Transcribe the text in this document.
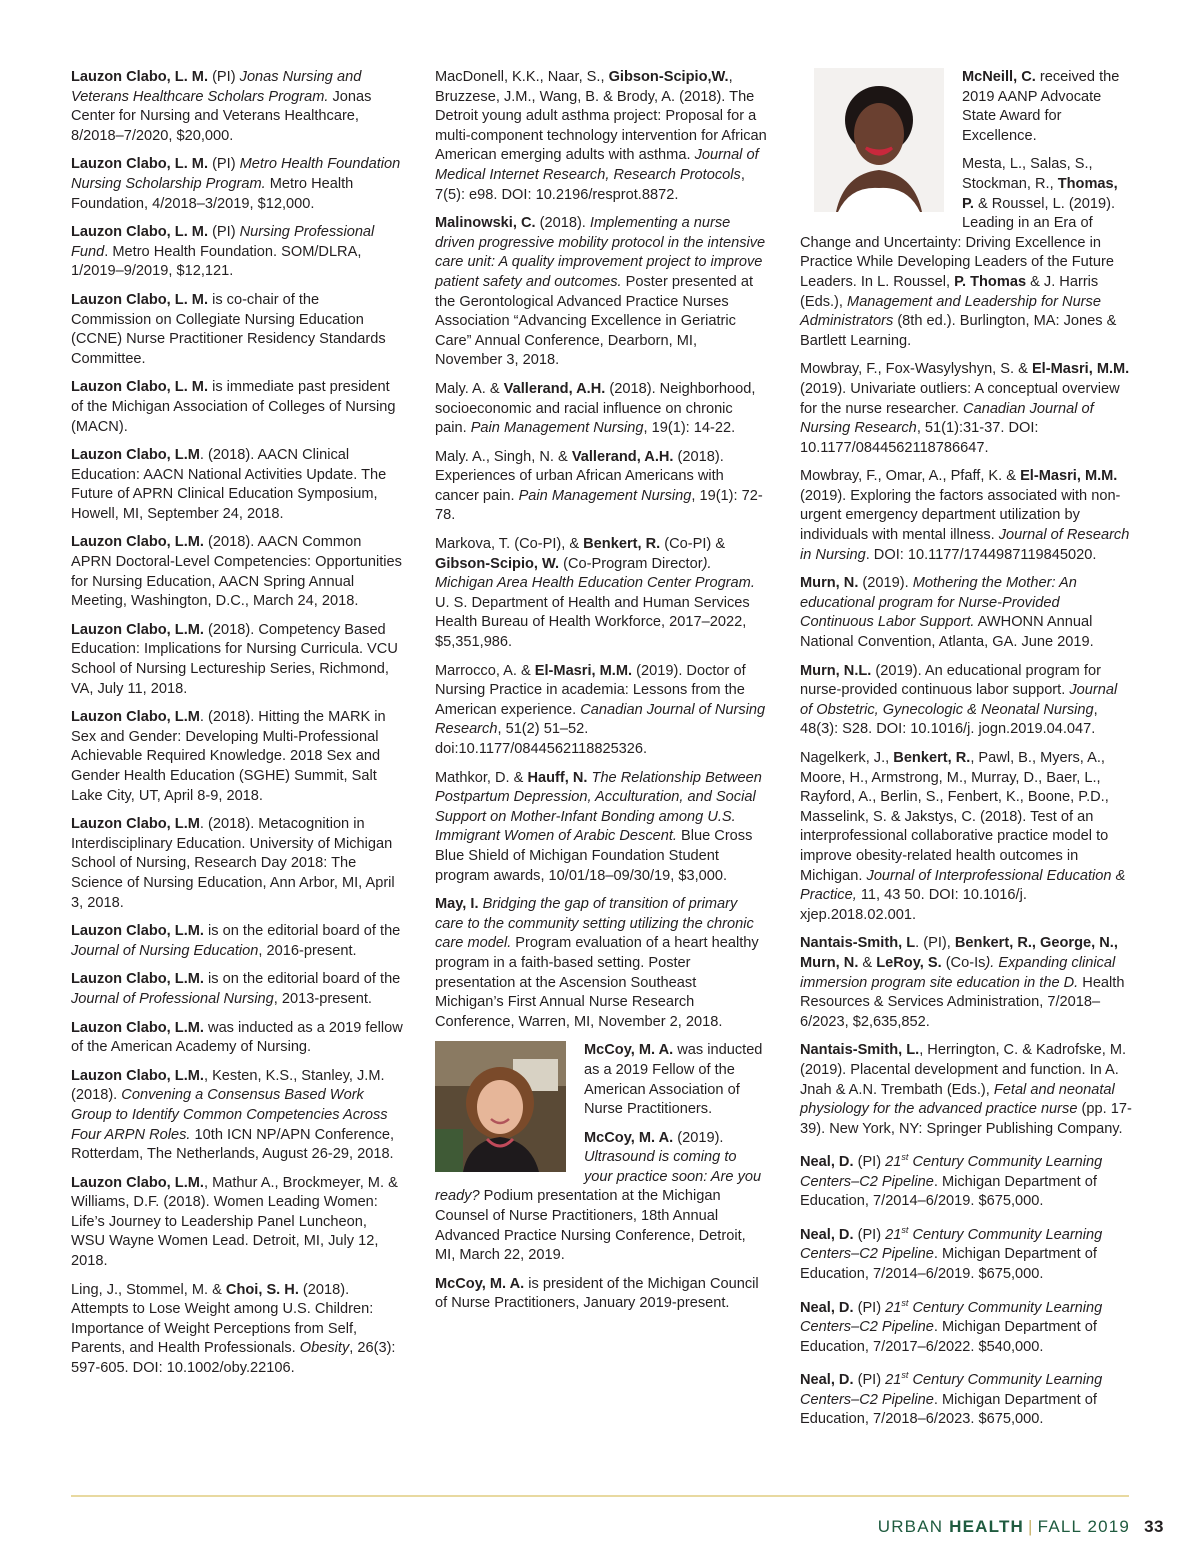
Lauzon Clabo, L. M. (PI) Jonas Nursing and Veterans Healthcare Scholars Program. Jonas Center for Nursing and Veterans Healthcare, 8/2018–7/2020, $20,000.

Lauzon Clabo, L. M. (PI) Metro Health Foundation Nursing Scholarship Program. Metro Health Foundation, 4/2018–3/2019, $12,000.

Lauzon Clabo, L. M. (PI) Nursing Professional Fund. Metro Health Foundation. SOM/DLRA, 1/2019–9/2019, $12,121.

Lauzon Clabo, L. M. is co-chair of the Commission on Collegiate Nursing Education (CCNE) Nurse Practitioner Residency Standards Committee.

Lauzon Clabo, L. M. is immediate past president of the Michigan Association of Colleges of Nursing (MACN).

Lauzon Clabo, L.M. (2018). AACN Clinical Education: AACN National Activities Update. The Future of APRN Clinical Education Symposium, Howell, MI, September 24, 2018.

Lauzon Clabo, L.M. (2018). AACN Common APRN Doctoral-Level Competencies: Opportunities for Nursing Education, AACN Spring Annual Meeting, Washington, D.C., March 24, 2018.

Lauzon Clabo, L.M. (2018). Competency Based Education: Implications for Nursing Curricula. VCU School of Nursing Lectureship Series, Richmond, VA, July 11, 2018.

Lauzon Clabo, L.M. (2018). Hitting the MARK in Sex and Gender: Developing Multi-Professional Achievable Required Knowledge. 2018 Sex and Gender Health Education (SGHE) Summit, Salt Lake City, UT, April 8-9, 2018.

Lauzon Clabo, L.M. (2018). Metacognition in Interdisciplinary Education. University of Michigan School of Nursing, Research Day 2018: The Science of Nursing Education, Ann Arbor, MI, April 3, 2018.

Lauzon Clabo, L.M. is on the editorial board of the Journal of Nursing Education, 2016-present.

Lauzon Clabo, L.M. is on the editorial board of the Journal of Professional Nursing, 2013-present.

Lauzon Clabo, L.M. was inducted as a 2019 fellow of the American Academy of Nursing.

Lauzon Clabo, L.M., Kesten, K.S., Stanley, J.M. (2018). Convening a Consensus Based Work Group to Identify Common Competencies Across Four ARPN Roles. 10th ICN NP/APN Conference, Rotterdam, The Netherlands, August 26-29, 2018.

Lauzon Clabo, L.M., Mathur A., Brockmeyer, M. & Williams, D.F. (2018). Women Leading Women: Life’s Journey to Leadership Panel Luncheon, WSU Wayne Women Lead. Detroit, MI, July 12, 2018.

Ling, J., Stommel, M. & Choi, S. H. (2018). Attempts to Lose Weight among U.S. Children: Importance of Weight Perceptions from Self, Parents, and Health Professionals. Obesity, 26(3): 597-605. DOI: 10.1002/oby.22106.

MacDonell, K.K., Naar, S., Gibson-Scipio,W., Bruzzese, J.M., Wang, B. & Brody, A. (2018). The Detroit young adult asthma project: Proposal for a multi-component technology intervention for African American emerging adults with asthma. Journal of Medical Internet Research, Research Protocols, 7(5): e98. DOI: 10.2196/resprot.8872.

Malinowski, C. (2018). Implementing a nurse driven progressive mobility protocol in the intensive care unit: A quality improvement project to improve patient safety and outcomes. Poster presented at the Gerontological Advanced Practice Nurses Association “Advancing Excellence in Geriatric Care” Annual Conference, Dearborn, MI, November 3, 2018.

Maly. A. & Vallerand, A.H. (2018). Neighborhood, socioeconomic and racial influence on chronic pain. Pain Management Nursing, 19(1): 14-22.

Maly. A., Singh, N. & Vallerand, A.H. (2018). Experiences of urban African Americans with cancer pain. Pain Management Nursing, 19(1): 72-78.

Markova, T. (Co-PI), & Benkert, R. (Co-PI) & Gibson-Scipio, W. (Co-Program Director). Michigan Area Health Education Center Program. U. S. Department of Health and Human Services Health Bureau of Health Workforce, 2017–2022, $5,351,986.

Marrocco, A. & El-Masri, M.M. (2019). Doctor of Nursing Practice in academia: Lessons from the American experience. Canadian Journal of Nursing Research, 51(2) 51–52. doi:10.1177/0844562118825326.

Mathkor, D. & Hauff, N. The Relationship Between Postpartum Depression, Acculturation, and Social Support on Mother-Infant Bonding among U.S. Immigrant Women of Arabic Descent. Blue Cross Blue Shield of Michigan Foundation Student program awards, 10/01/18–09/30/19, $3,000.

May, I. Bridging the gap of transition of primary care to the community setting utilizing the chronic care model. Program evaluation of a heart healthy program in a faith-based setting. Poster presentation at the Ascension Southeast Michigan’s First Annual Nurse Research Conference, Warren, MI, November 2, 2018.

McCoy, M. A. was inducted as a 2019 Fellow of the American Association of Nurse Practitioners.

McCoy, M. A. (2019). Ultrasound is coming to your practice soon: Are you ready? Podium presentation at the Michigan Counsel of Nurse Practitioners, 18th Annual Advanced Practice Nursing Conference, Detroit, MI, March 22, 2019.

McCoy, M. A. is president of the Michigan Council of Nurse Practitioners, January 2019-present.

McNeill, C. received the 2019 AANP Advocate State Award for Excellence.

Mesta, L., Salas, S., Stockman, R., Thomas, P. & Roussel, L. (2019). Leading in an Era of Change and Uncertainty: Driving Excellence in Practice While Developing Leaders of the Future Leaders. In L. Roussel, P. Thomas & J. Harris (Eds.), Management and Leadership for Nurse Administrators (8th ed.). Burlington, MA: Jones & Bartlett Learning.

Mowbray, F., Fox-Wasylyshyn, S. & El-Masri, M.M. (2019). Univariate outliers: A conceptual overview for the nurse researcher. Canadian Journal of Nursing Research, 51(1):31-37. DOI: 10.1177/0844562118786647.

Mowbray, F., Omar, A., Pfaff, K. & El-Masri, M.M. (2019). Exploring the factors associated with non-urgent emergency department utilization by individuals with mental illness. Journal of Research in Nursing. DOI: 10.1177/1744987119845020.

Murn, N. (2019). Mothering the Mother: An educational program for Nurse-Provided Continuous Labor Support. AWHONN Annual National Convention, Atlanta, GA. June 2019.

Murn, N.L. (2019). An educational program for nurse-provided continuous labor support. Journal of Obstetric, Gynecologic & Neonatal Nursing, 48(3): S28. DOI: 10.1016/j. jogn.2019.04.047.

Nagelkerk, J., Benkert, R., Pawl, B., Myers, A., Moore, H., Armstrong, M., Murray, D., Baer, L., Rayford, A., Berlin, S., Fenbert, K., Boone, P.D., Masselink, S. & Jakstys, C. (2018). Test of an interprofessional collaborative practice model to improve obesity-related health outcomes in Michigan. Journal of Interprofessional Education & Practice, 11, 43 50. DOI: 10.1016/j. xjep.2018.02.001.

Nantais-Smith, L. (PI), Benkert, R., George, N., Murn, N. & LeRoy, S. (Co-Is). Expanding clinical immersion program site education in the D. Health Resources & Services Administration, 7/2018–6/2023, $2,635,852.

Nantais-Smith, L., Herrington, C. & Kadrofske, M. (2019). Placental development and function. In A. Jnah & A.N. Trembath (Eds.), Fetal and neonatal physiology for the advanced practice nurse (pp. 17-39). New York, NY: Springer Publishing Company.

Neal, D. (PI) 21st Century Community Learning Centers–C2 Pipeline. Michigan Department of Education, 7/2014–6/2019. $675,000.

Neal, D. (PI) 21st Century Community Learning Centers–C2 Pipeline. Michigan Department of Education, 7/2014–6/2019. $675,000.

Neal, D. (PI) 21st Century Community Learning Centers–C2 Pipeline. Michigan Department of Education, 7/2017–6/2022. $540,000.

Neal, D. (PI) 21st Century Community Learning Centers–C2 Pipeline. Michigan Department of Education, 7/2018–6/2023. $675,000.

URBAN HEALTH | FALL 2019 33
